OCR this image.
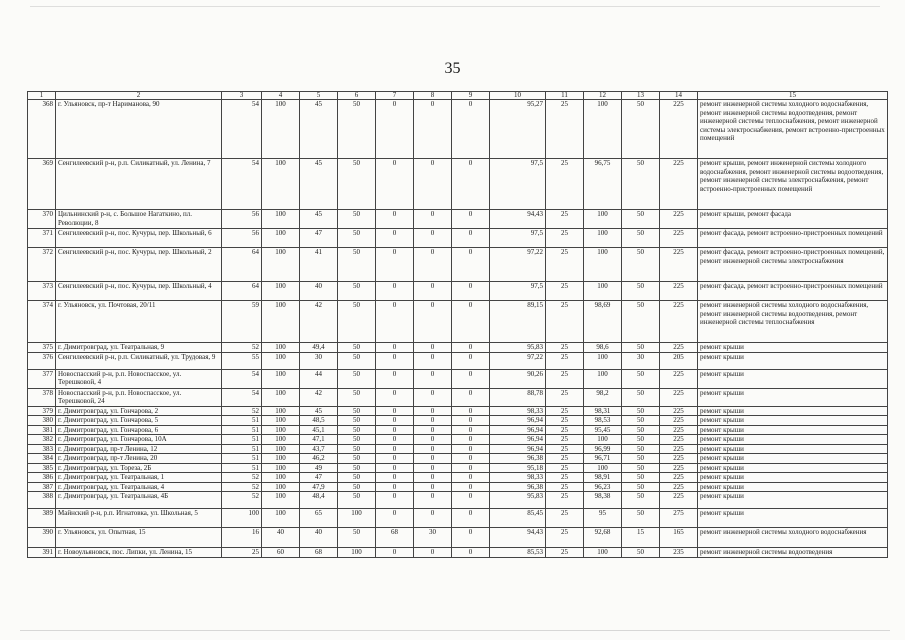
35
1	2	3	4	5	6	7	8	9	10	11	12	13	14	15
368	г. Ульяновск, пр-т Нариманова, 90	54	100	45	50	0	0	0	95,27	25	100	50	225	ремонт инженерной системы холодного водоснабжения, ремонт инженерной системы водоотведения, ремонт инженерной системы теплоснабжения, ремонт инженерной системы электроснабжения, ремонт встроенно-пристроенных помещений
369	Сенгилеевский р-н, р.п. Силикатный, ул. Ленина, 7	54	100	45	50	0	0	0	97,5	25	96,75	50	225	ремонт крыши, ремонт инженерной системы холодного водоснабжения, ремонт инженерной системы водоотведения, ремонт инженерной системы электроснабжения, ремонт встроенно-пристроенных помещений
370	Цильнинский р-н, с. Большое Нагаткино, пл. Революции, 8	56	100	45	50	0	0	0	94,43	25	100	50	225	ремонт крыши, ремонт фасада
371	Сенгилеевский р-н, пос. Кучуры, пер. Школьный, 6	56	100	47	50	0	0	0	97,5	25	100	50	225	ремонт фасада, ремонт встроенно-пристроенных помещений
372	Сенгилеевский р-н, пос. Кучуры, пер. Школьный, 2	64	100	41	50	0	0	0	97,22	25	100	50	225	ремонт фасада, ремонт встроенно-пристроенных помещений, ремонт инженерной системы электроснабжения
373	Сенгилеевский р-н, пос. Кучуры, пер. Школьный, 4	64	100	40	50	0	0	0	97,5	25	100	50	225	ремонт фасада, ремонт встроенно-пристроенных помещений
374	г. Ульяновск, ул. Почтовая, 20/11	59	100	42	50	0	0	0	89,15	25	98,69	50	225	ремонт инженерной системы холодного водоснабжения, ремонт инженерной системы водоотведения, ремонт инженерной системы теплоснабжения
375	г. Димитровград, ул. Театральная, 9	52	100	49,4	50	0	0	0	95,83	25	98,6	50	225	ремонт крыши
376	Сенгилеевский р-н, р.п. Силикатный, ул. Трудовая, 9	55	100	30	50	0	0	0	97,22	25	100	30	205	ремонт крыши
377	Новоспасский р-н, р.п. Новоспасское, ул. Терешковой, 4	54	100	44	50	0	0	0	90,26	25	100	50	225	ремонт крыши
378	Новоспасский р-н, р.п. Новоспасское, ул. Терешковой, 24	54	100	42	50	0	0	0	88,78	25	98,2	50	225	ремонт крыши
379	г. Димитровград, ул. Гончарова, 2	52	100	45	50	0	0	0	98,33	25	98,31	50	225	ремонт крыши
380	г. Димитровград, ул. Гончарова, 5	51	100	48,5	50	0	0	0	96,94	25	98,53	50	225	ремонт крыши
381	г. Димитровград, ул. Гончарова, 6	51	100	45,1	50	0	0	0	96,94	25	95,45	50	225	ремонт крыши
382	г. Димитровград, ул. Гончарова, 10А	51	100	47,1	50	0	0	0	96,94	25	100	50	225	ремонт крыши
383	г. Димитровград, пр-т Ленина, 12	51	100	43,7	50	0	0	0	96,94	25	96,99	50	225	ремонт крыши
384	г. Димитровград, пр-т Ленина, 20	51	100	46,2	50	0	0	0	96,38	25	96,71	50	225	ремонт крыши
385	г. Димитровград, ул. Тореза, 2Б	51	100	49	50	0	0	0	95,18	25	100	50	225	ремонт крыши
386	г. Димитровград, ул. Театральная, 1	52	100	47	50	0	0	0	98,33	25	98,91	50	225	ремонт крыши
387	г. Димитровград, ул. Театральная, 4	52	100	47,9	50	0	0	0	96,38	25	96,23	50	225	ремонт крыши
388	г. Димитровград, ул. Театральная, 4Б	52	100	48,4	50	0	0	0	95,83	25	98,38	50	225	ремонт крыши
389	Майнский р-н, р.п. Игнатовка, ул. Школьная, 5	100	100	65	100	0	0	0	85,45	25	95	50	275	ремонт крыши
390	г. Ульяновск, ул. Опытная, 15	16	40	40	50	68	30	0	94,43	25	92,68	15	165	ремонт инженерной системы холодного водоснабжения
391	г. Новоульяновск, пос. Липки, ул. Ленина, 15	25	60	68	100	0	0	0	85,53	25	100	50	235	ремонт инженерной системы водоотведения
